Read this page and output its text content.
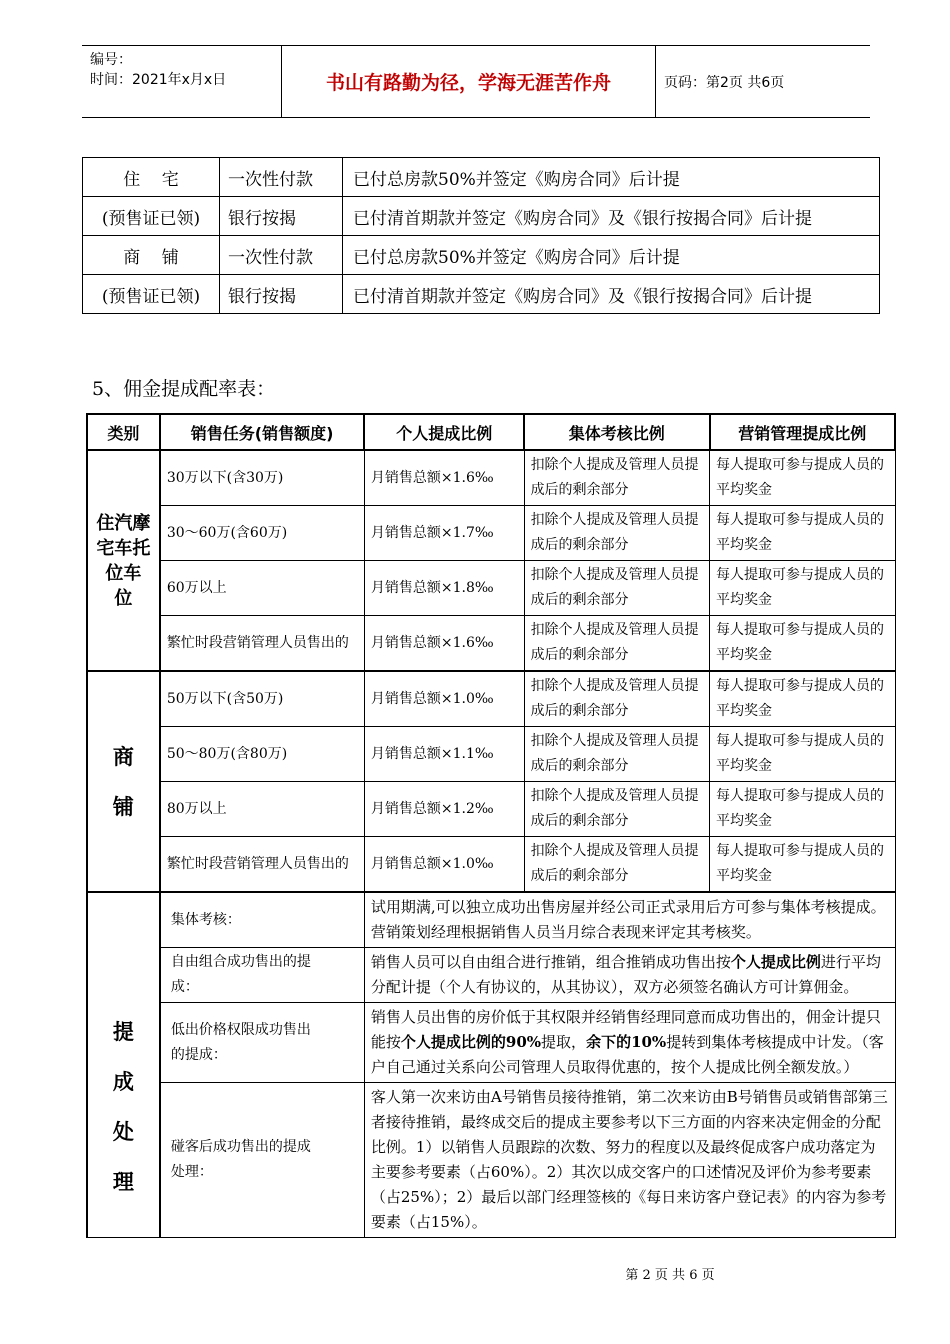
编号：
时间：2021年x月x日	书山有路勤为径，学海无涯苦作舟	页码：第2页 共6页
住    宅	一次性付款	已付总房款50%并签定《购房合同》后计提
(预售证已领)	银行按揭	已付清首期款并签定《购房合同》及《银行按揭合同》后计提
商    铺	一次性付款	已付总房款50%并签定《购房合同》后计提
(预售证已领)	银行按揭	已付清首期款并签定《购房合同》及《银行按揭合同》后计提
5、佣金提成配率表：
类别	销售任务(销售额度)	个人提成比例	集体考核比例	营销管理提成比例

住汽摩
宅车托
位车
位	30万以下(含30万)	月销售总额×1.6‰	扣除个人提成及管理人员提成后的剩余部分	每人提取可参与提成人员的平均奖金
	30～60万(含60万)	月销售总额×1.7‰	扣除个人提成及管理人员提成后的剩余部分	每人提取可参与提成人员的平均奖金
	60万以上	月销售总额×1.8‰	扣除个人提成及管理人员提成后的剩余部分	每人提取可参与提成人员的平均奖金
	繁忙时段营销管理人员售出的	月销售总额×1.6‰	扣除个人提成及管理人员提成后的剩余部分	每人提取可参与提成人员的平均奖金

商
铺	50万以下(含50万)	月销售总额×1.0‰	扣除个人提成及管理人员提成后的剩余部分	每人提取可参与提成人员的平均奖金
	50～80万(含80万)	月销售总额×1.1‰	扣除个人提成及管理人员提成后的剩余部分	每人提取可参与提成人员的平均奖金
	80万以上	月销售总额×1.2‰	扣除个人提成及管理人员提成后的剩余部分	每人提取可参与提成人员的平均奖金
	繁忙时段营销管理人员售出的	月销售总额×1.0‰	扣除个人提成及管理人员提成后的剩余部分	每人提取可参与提成人员的平均奖金

提
成
处
理	集体考核：	试用期满,可以独立成功出售房屋并经公司正式录用后方可参与集体考核提成。营销策划经理根据销售人员当月综合表现来评定其考核奖。		
	自由组合成功售出的提成：	销售人员可以自由组合进行推销，组合推销成功售出按个人提成比例进行平均分配计提（个人有协议的，从其协议），双方必须签名确认方可计算佣金。		
	低出价格权限成功售出的提成：	销售人员出售的房价低于其权限并经销售经理同意而成功售出的，佣金计提只能按个人提成比例的90%提取，余下的10%提转到集体考核提成中计发。（客户自己通过关系向公司管理人员取得优惠的，按个人提成比例全额发放。）		
	碰客后成功售出的提成处理：	客人第一次来访由A号销售员接待推销，第二次来访由B号销售员或销售部第三者接待推销，最终成交后的提成主要参考以下三方面的内容来决定佣金的分配比例。1）以销售人员跟踪的次数、努力的程度以及最终促成客户成功落定为主要参考要素（占60%）。2）其次以成交客户的口述情况及评价为参考要素（占25%）；2）最后以部门经理签核的《每日来访客户登记表》的内容为参考要素（占15%）。		
第 2 页 共 6 页
